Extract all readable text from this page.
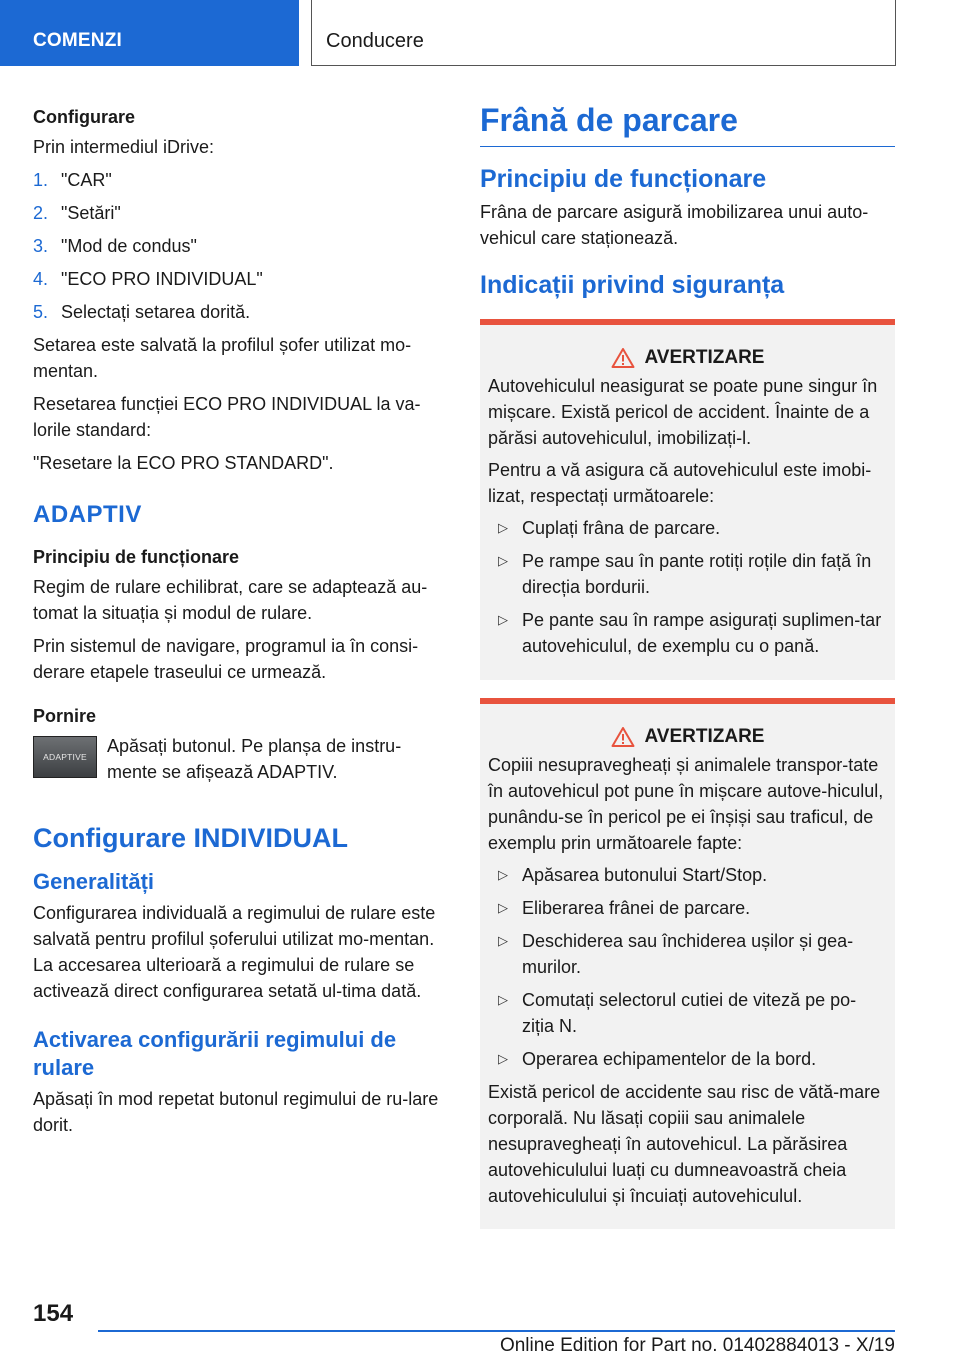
COMENZI	Conducere
Configurare

Prin intermediul iDrive:

1. "CAR"
2. "Setări"
3. "Mod de condus"
4. "ECO PRO INDIVIDUAL"
5. Selectați setarea dorită.

Setarea este salvată la profilul șofer utilizat mo-mentan.

Resetarea funcției ECO PRO INDIVIDUAL la va-lorile standard:

"Resetare la ECO PRO STANDARD".

ADAPTIV
Principiu de funcționare

Regim de rulare echilibrat, care se adaptează au-tomat la situația și modul de rulare.

Prin sistemul de navigare, programul ia în consi-derare etapele traseului ce urmează.

Pornire
ADAPTIVE

Apăsați butonul. Pe planșa de instru-mente se afișează ADAPTIV.

Configurare INDIVIDUAL
Generalități

Configurarea individuală a regimului de rulare este salvată pentru profilul șoferului utilizat mo-mentan. La accesarea ulterioară a regimului de rulare se activează direct configurarea setată ul-tima dată.

Activarea configurării regimului de rulare

Apăsați în mod repetat butonul regimului de ru-lare dorit.

Frână de parcare
Principiu de funcționare

Frâna de parcare asigură imobilizarea unui auto-vehicul care staționează.

Indicații privind siguranța
AVERTIZARE

Autovehiculul neasigurat se poate pune singur în mișcare. Există pericol de accident. Înainte de a părăsi autovehiculul, imobilizați-l.

Pentru a vă asigura că autovehiculul este imobi-lizat, respectați următoarele:

▷ Cuplați frâna de parcare.
▷ Pe rampe sau în pante rotiți roțile din față în direcția bordurii.
▷ Pe pante sau în rampe asigurați suplimen-tar autovehiculul, de exemplu cu o pană.
AVERTIZARE

Copiii nesupravegheați și animalele transpor-tate în autovehicul pot pune în mișcare autove-hiculul, punându-se în pericol pe ei înșiși sau traficul, de exemplu prin următoarele fapte:

▷ Apăsarea butonului Start/Stop.
▷ Eliberarea frânei de parcare.
▷ Deschiderea sau închiderea ușilor și gea-murilor.
▷ Comutați selectorul cutiei de viteză pe po-ziția N.
▷ Operarea echipamentelor de la bord.

Există pericol de accidente sau risc de vătă-mare corporală. Nu lăsați copiii sau animalele nesupravegheați în autovehicul. La părăsirea autovehiculului luați cu dumneavoastră cheia autovehiculului și încuiați autovehiculul.

154
Online Edition for Part no. 01402884013 - X/19
